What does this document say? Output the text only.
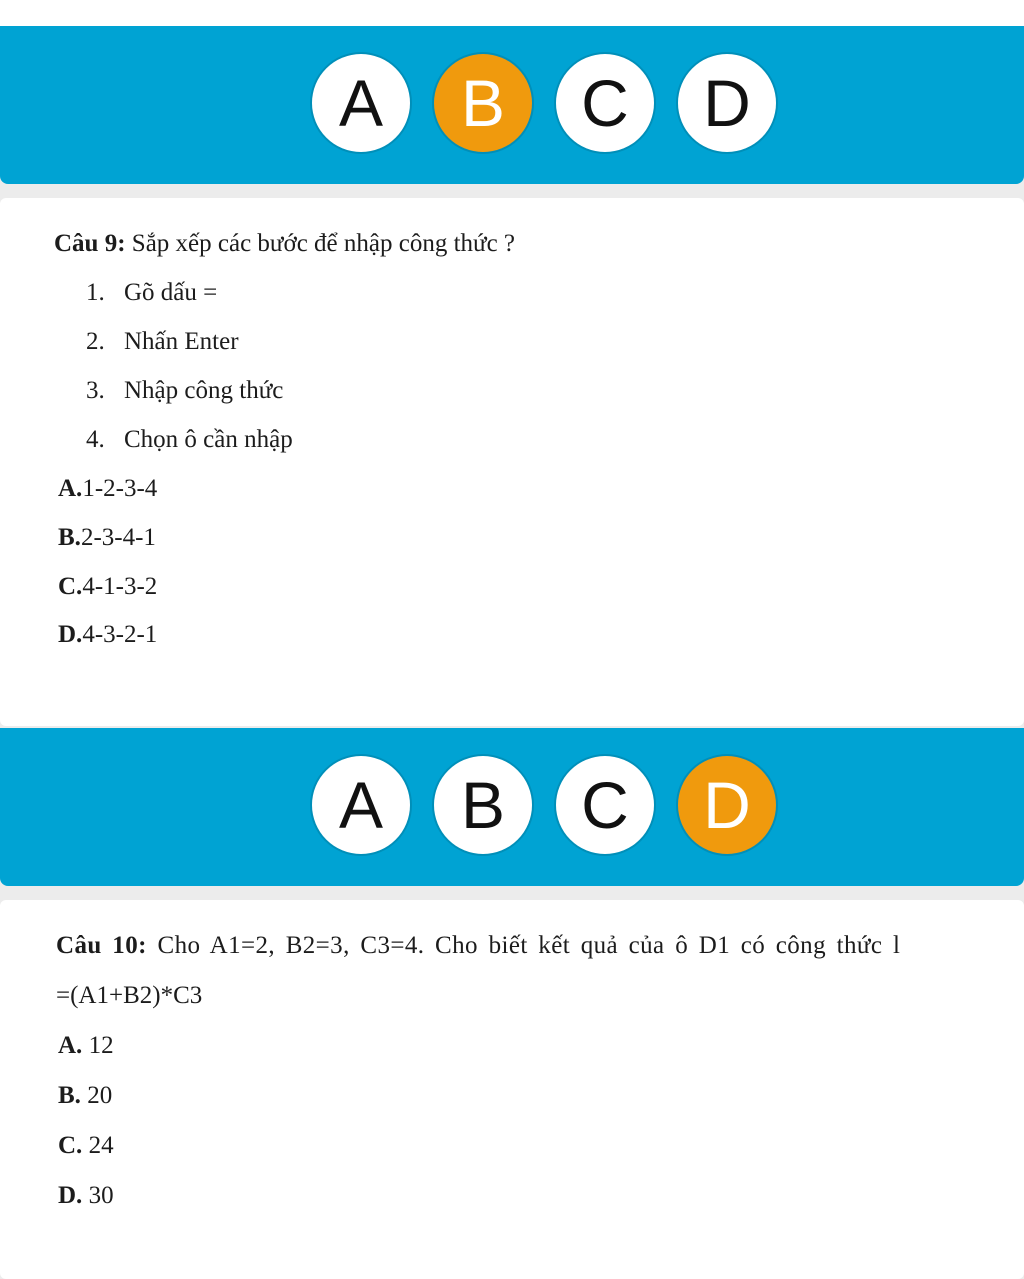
A B C D
Câu 9: Sắp xếp các bước để nhập công thức ?
1. Gõ dấu =
2. Nhấn Enter
3. Nhập công thức
4. Chọn ô cần nhập
A.1-2-3-4
B.2-3-4-1
C.4-1-3-2
D.4-3-2-1
A B C D
Câu 10: Cho A1=2, B2=3, C3=4. Cho biết kết quả của ô D1 có công thức l
=(A1+B2)*C3
A. 12
B. 20
C. 24
D. 30
